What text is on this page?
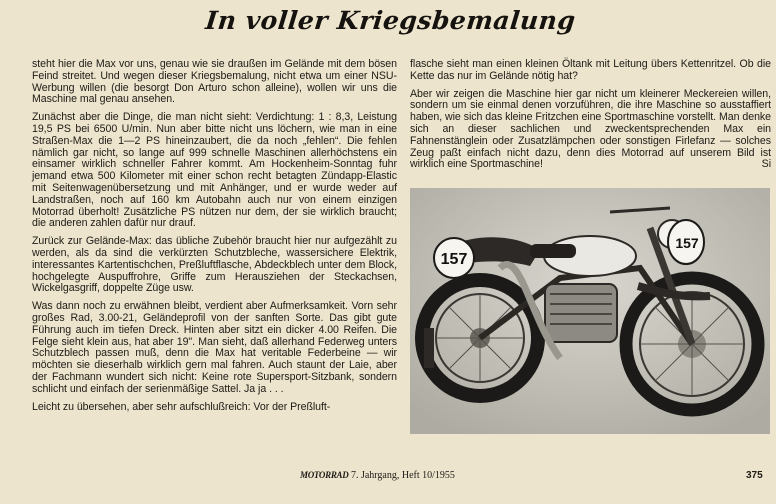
In voller Kriegsbemalung

steht hier die Max vor uns, genau wie sie draußen im Gelände mit dem bösen Feind streitet. Und wegen dieser Kriegsbemalung, nicht etwa um einer NSU-Werbung willen (die besorgt Don Arturo schon alleine), wollen wir uns die Maschine mal genau ansehen.

Zunächst aber die Dinge, die man nicht sieht: Verdichtung: 1 : 8,3, Leistung 19,5 PS bei 6500 U/min. Nun aber bitte nicht uns löchern, wie man in eine Straßen-Max die 1—2 PS hineinzaubert, die da noch „fehlen“. Die fehlen nämlich gar nicht, so lange auf 999 schnelle Maschinen allerhöchstens ein einsamer wirklich schneller Fahrer kommt. Am Hockenheim-Sonntag fuhr jemand etwa 500 Kilometer mit einer schon recht betagten Zündapp-Elastic mit Seitenwagenübersetzung und mit Anhänger, und er wurde weder auf Landstraßen, noch auf 160 km Autobahn auch nur von einem einzigen Motorrad überholt! Zusätzliche PS nützen nur dem, der sie wirklich braucht; die anderen zahlen dafür nur drauf.

Zurück zur Gelände-Max: das übliche Zubehör braucht hier nur aufgezählt zu werden, als da sind die verkürzten Schutzbleche, wassersichere Elektrik, interessantes Kartentischchen, Preßluftflasche, Abdeckblech unter dem Block, hochgelegte Auspuffrohre, Griffe zum Herausziehen der Steckachsen, Wickelgasgriff, doppelte Züge usw.

Was dann noch zu erwähnen bleibt, verdient aber Aufmerksamkeit. Vorn sehr großes Rad, 3.00-21, Geländeprofil von der sanften Sorte. Das gibt gute Führung auch im tiefen Dreck. Hinten aber sitzt ein dicker 4.00 Reifen. Die Felge sieht klein aus, hat aber 19". Man sieht, daß allerhand Federweg unters Schutzblech passen muß, denn die Max hat veritable Federbeine — wir möchten sie dieserhalb wirklich gern mal fahren. Auch staunt der Laie, aber der Fachmann wundert sich nicht: Keine rote Supersport-Sitzbank, sondern schlicht und einfach der serienmäßige Sattel. Ja ja . . .

Leicht zu übersehen, aber sehr aufschlußreich: Vor der Preßluft-

flasche sieht man einen kleinen Öltank mit Leitung übers Kettenritzel. Ob die Kette das nur im Gelände nötig hat?

Aber wir zeigen die Maschine hier gar nicht um kleinerer Meckereien willen, sondern um sie einmal denen vorzuführen, die ihre Maschine so ausstaffiert haben, wie sich das kleine Fritzchen eine Sportmaschine vorstellt. Man denke sich an dieser sachlichen und zweckentsprechenden Max ein Fahnenstänglein oder Zusatzlämpchen oder sonstigen Firlefanz — solches Zeug paßt einfach nicht dazu, denn dies Motorrad auf unserem Bild ist wirklich eine Sportmaschine!	Si

157
157
MOTORRAD 7. Jahrgang, Heft 10/1955	375
